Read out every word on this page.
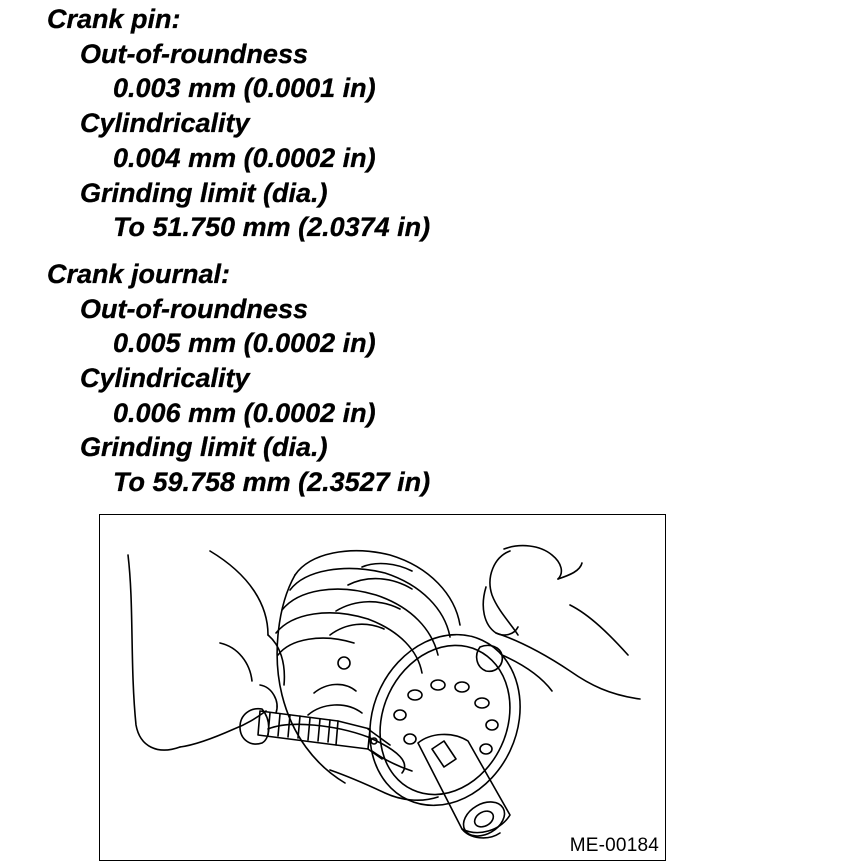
Crank pin:
Out-of-roundness
0.003 mm (0.0001 in)
Cylindricality
0.004 mm (0.0002 in)
Grinding limit (dia.)
To 51.750 mm (2.0374 in)
Crank journal:
Out-of-roundness
0.005 mm (0.0002 in)
Cylindricality
0.006 mm (0.0002 in)
Grinding limit (dia.)
To 59.758 mm (2.3527 in)
ME-00184
